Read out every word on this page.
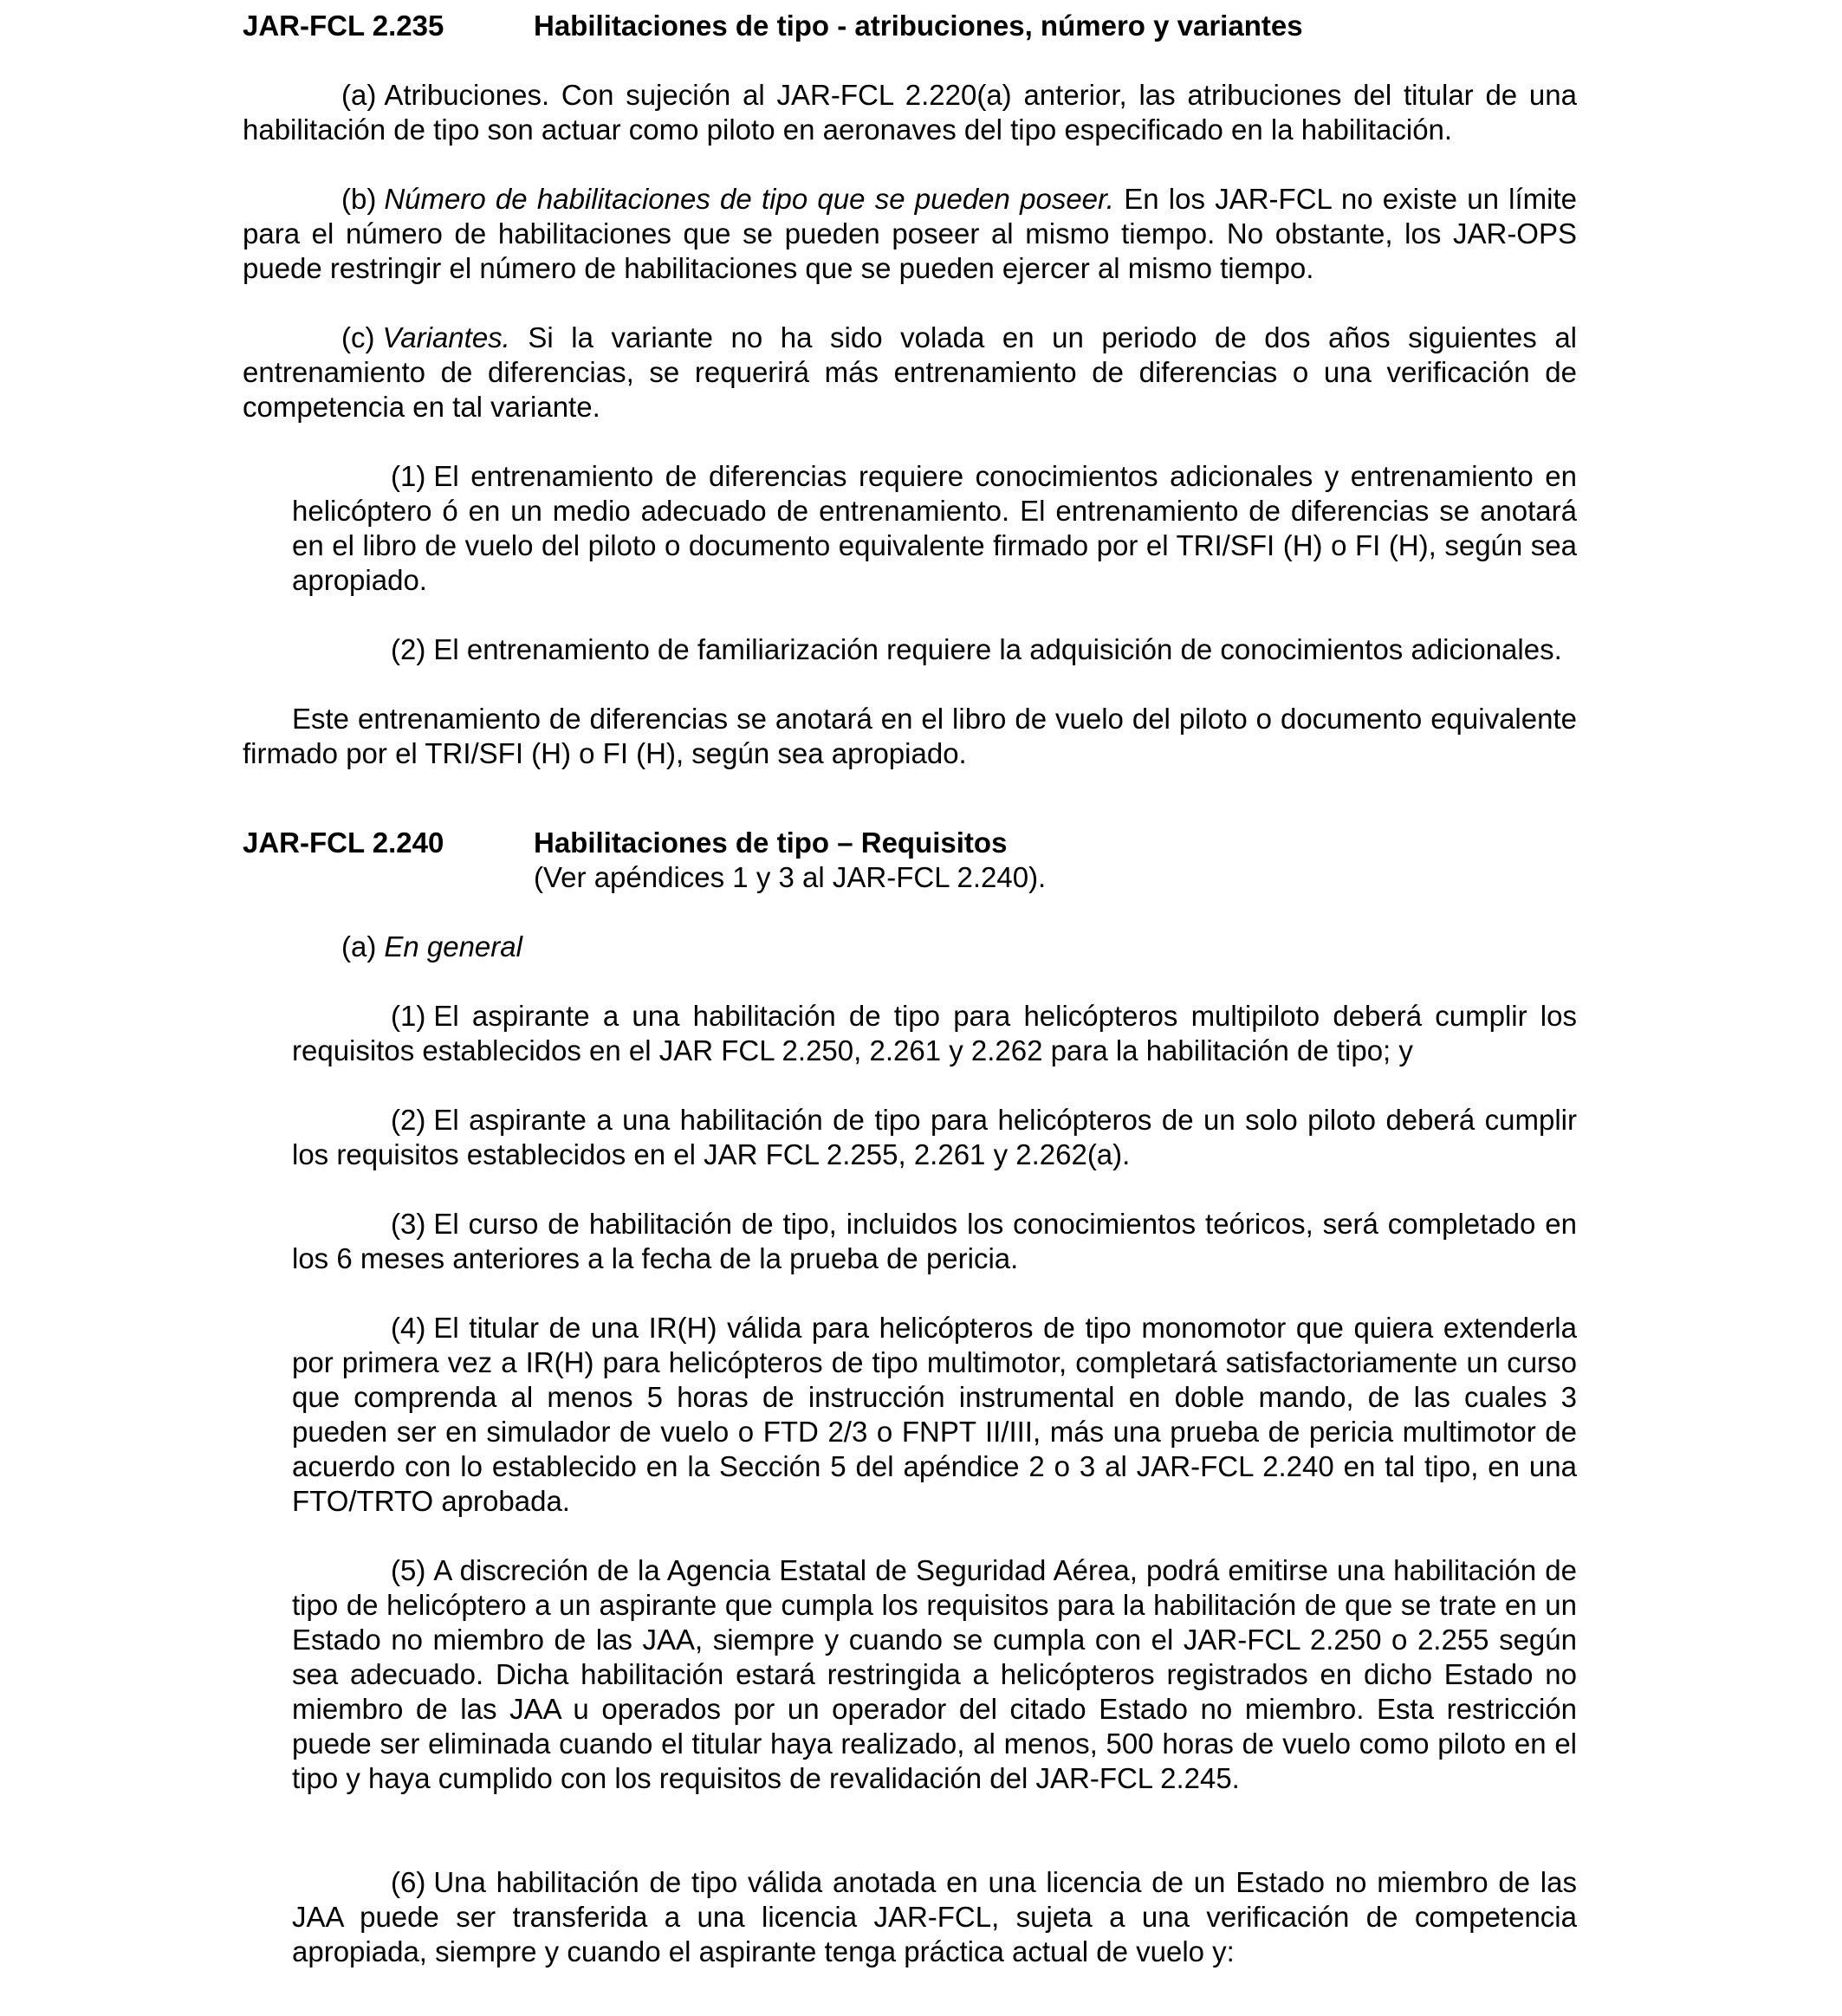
JAR-FCL 2.235	Habilitaciones de tipo - atribuciones, número y variantes

(a) Atribuciones. Con sujeción al JAR-FCL 2.220(a) anterior, las atribuciones del titular de una habilitación de tipo son actuar como piloto en aeronaves del tipo especificado en la habilitación.

(b) Número de habilitaciones de tipo que se pueden poseer. En los JAR-FCL no existe un límite para el número de habilitaciones que se pueden poseer al mismo tiempo. No obstante, los JAR-OPS puede restringir el número de habilitaciones que se pueden ejercer al mismo tiempo.

(c) Variantes. Si la variante no ha sido volada en un periodo de dos años siguientes al entrenamiento de diferencias, se requerirá más entrenamiento de diferencias o una verificación de competencia en tal variante.

(1) El entrenamiento de diferencias requiere conocimientos adicionales y entrenamiento en helicóptero ó en un medio adecuado de entrenamiento. El entrenamiento de diferencias se anotará en el libro de vuelo del piloto o documento equivalente firmado por el TRI/SFI (H) o FI (H), según sea apropiado.

(2) El entrenamiento de familiarización requiere la adquisición de conocimientos adicionales.

Este entrenamiento de diferencias se anotará en el libro de vuelo del piloto o documento equivalente firmado por el TRI/SFI (H) o FI (H), según sea apropiado.

JAR-FCL 2.240	Habilitaciones de tipo – Requisitos
(Ver apéndices 1 y 3 al JAR-FCL 2.240).

(a) En general

(1) El aspirante a una habilitación de tipo para helicópteros multipiloto deberá cumplir los requisitos establecidos en el JAR FCL 2.250, 2.261 y 2.262 para la habilitación de tipo; y

(2) El aspirante a una habilitación de tipo para helicópteros de un solo piloto deberá cumplir los requisitos establecidos en el JAR FCL 2.255, 2.261 y 2.262(a).

(3) El curso de habilitación de tipo, incluidos los conocimientos teóricos, será completado en los 6 meses anteriores a la fecha de la prueba de pericia.

(4) El titular de una IR(H) válida para helicópteros de tipo monomotor que quiera extenderla por primera vez a IR(H) para helicópteros de tipo multimotor, completará satisfactoriamente un curso que comprenda al menos 5 horas de instrucción instrumental en doble mando, de las cuales 3 pueden ser en simulador de vuelo o FTD 2/3 o FNPT II/III, más una prueba de pericia multimotor de acuerdo con lo establecido en la Sección 5 del apéndice 2 o 3 al JAR-FCL 2.240 en tal tipo, en una FTO/TRTO aprobada.

(5) A discreción de la Agencia Estatal de Seguridad Aérea, podrá emitirse una habilitación de tipo de helicóptero a un aspirante que cumpla los requisitos para la habilitación de que se trate en un Estado no miembro de las JAA, siempre y cuando se cumpla con el JAR-FCL 2.250 o 2.255 según sea adecuado. Dicha habilitación estará restringida a helicópteros registrados en dicho Estado no miembro de las JAA u operados por un operador del citado Estado no miembro. Esta restricción puede ser eliminada cuando el titular haya realizado, al menos, 500 horas de vuelo como piloto en el tipo y haya cumplido con los requisitos de revalidación del JAR-FCL 2.245.

(6) Una habilitación de tipo válida anotada en una licencia de un Estado no miembro de las JAA puede ser transferida a una licencia JAR-FCL, sujeta a una verificación de competencia apropiada, siempre y cuando el aspirante tenga práctica actual de vuelo y:
